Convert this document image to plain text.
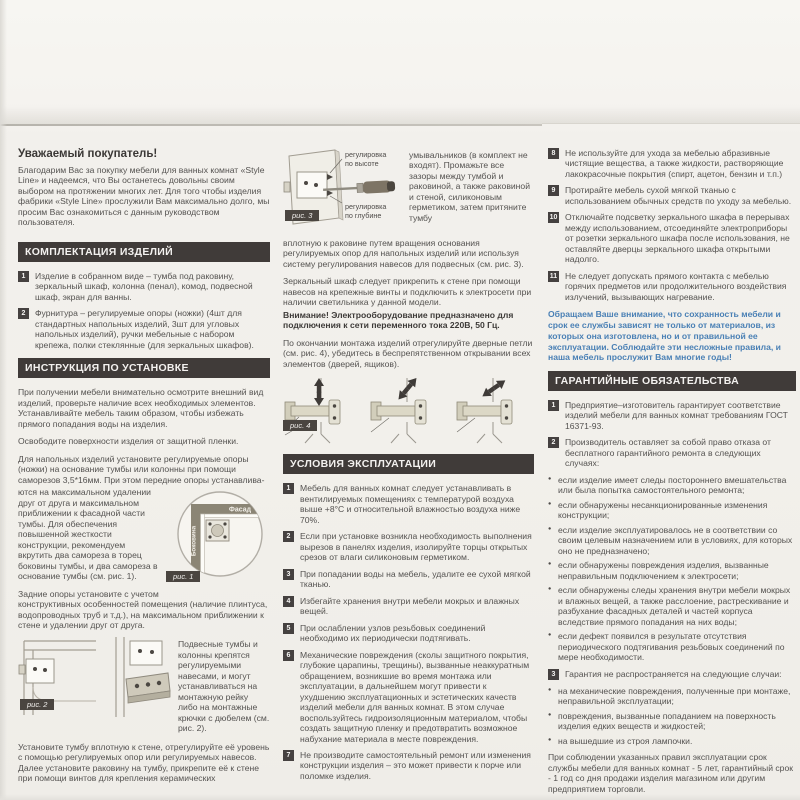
Уважаемый покупатель!

Благодарим Вас за покупку мебели для ванных комнат «Style Line» и надеемся, что Вы останетесь довольны своим выбором на протяжении многих лет. Для того чтобы изделия фабрики «Style Line» прослужили Вам максимально долго, мы просим Вас ознакомиться с данным руководством пользователя.

КОМПЛЕКТАЦИЯ ИЗДЕЛИЙ
1	Изделие в собранном виде – тумба под раковину, зеркальный шкаф, колонна (пенал), комод, подвесной шкаф, экран для ванны.
2	Фурнитура – регулируемые опоры (ножки) (4шт для стандартных напольных изделий, 3шт для угловых напольных изделий), ручки мебельные с набором крепежа, полки стеклянные (для зеркальных шкафов).
ИНСТРУКЦИЯ ПО УСТАНОВКЕ

При получении мебели внимательно осмотрите внешний вид изделий, проверьте наличие всех необходимых элементов. Устанавливайте мебель таким образом, чтобы избежать прямого попадания воды на изделия.

Освободите поверхности изделия от защитной пленки.

Для напольных изделий установите регулируемые опоры (ножки) на основание тумбы или колонны при помощи саморезов 3,5*16мм. При этом передние опоры устанавлива-

Фасад
Боковина
рис. 1
ются на максимальном удалении друг от друга и максимальном приближении к фасадной части тумбы. Для обеспечения повышенной жесткости конструкции, рекомендуем вкрутить два самореза в торец боковины тумбы, и два самореза в основание тумбы (см. рис. 1).

Задние опоры установите с учетом конструктивных особенностей помещения (наличие плинтуса, водопроводных труб и т.д.), на максимальном приближении к стене и удалении друг от друга.

рис. 2

Подвесные тумбы и колонны крепятся регулируемыми навесами, и могут устанавливаться на монтажную рейку либо на монтажные крючки с дюбелем (см. рис. 2).

Установите тумбу вплотную к стене, отрегулируйте её уровень с помощью регулируемых опор или регулируемых навесов. Далее установите раковину на тумбу, прикрепите её к стене при помощи винтов для крепления керамических

регулировка
по высоте
регулировка
по глубине
рис. 3

умывальников (в комплект не входят). Промажьте все зазоры между тумбой и раковиной, а также раковиной и стеной, силиконовым герметиком, затем притяните тумбу

вплотную к раковине путем вращения основания регулируемых опор для напольных изделий или используя систему регулирования навесов для подвесных (см. рис. 3).

Зеркальный шкаф следует прикрепить к стене при помощи навесов на крепежные винты и подключить к электросети при наличии светильника у данной модели.

Внимание! Электрооборудование предназначено для подключения к сети переменного тока 220В, 50 Гц.

По окончании монтажа изделий отрегулируйте дверные петли (см. рис. 4), убедитесь в беспрепятственном открывании всех элементов (дверей, ящиков).

рис. 4
УСЛОВИЯ ЭКСПЛУАТАЦИИ
1	Мебель для ванных комнат следует устанавливать в вентилируемых помещениях с температурой воздуха выше +8°С и относительной влажностью воздуха ниже 70%.
2	Если при установке возникла необходимость выполнения вырезов в панелях изделия, изолируйте торцы открытых срезов от влаги силиконовым герметиком.
3	При попадании воды на мебель, удалите ее сухой мягкой тканью.
4	Избегайте хранения внутри мебели мокрых и влажных вещей.
5	При ослаблении узлов резьбовых соединений необходимо их периодически подтягивать.
6	Механические повреждения (сколы защитного покрытия, глубокие царапины, трещины), вызванные неаккуратным обращением, возникшие во время монтажа или эксплуатации, в дальнейшем могут привести к ухудшению эксплуатационных и эстетических качеств изделий мебели для ванных комнат. В этом случае воспользуйтесь гидроизоляционным материалом, чтобы создать защитную пленку и предотвратить возможное набухание материала в месте повреждения.
7	Не производите самостоятельный ремонт или изменения конструкции изделия – это может привести к порче или поломке изделия.
8	Не используйте для ухода за мебелью абразивные чистящие вещества, а также жидкости, растворяющие лакокрасочные покрытия (спирт, ацетон, бензин и т.п.)
9	Протирайте мебель сухой мягкой тканью с использованием обычных средств по уходу за мебелью.
10 Отключайте подсветку зеркального шкафа в перерывах между использованием, отсоединяйте электроприборы от розетки зеркального шкафа после использования, не оставляйте дверцы зеркального шкафа открытыми надолго.
11 Не следует допускать прямого контакта с мебелью горячих предметов или продолжительного воздействия излучений, вызывающих нагревание.

Обращаем Ваше внимание, что сохранность мебели и срок ее службы зависят не только от материалов, из которых она изготовлена, но и от правильной ее эксплуатации. Соблюдайте эти несложные правила, и наша мебель прослужит Вам многие годы!

ГАРАНТИЙНЫЕ ОБЯЗАТЕЛЬСТВА
1	Предприятие–изготовитель гарантирует соответствие изделий мебели для ванных комнат требованиям ГОСТ 16371-93.
2	Производитель оставляет за собой право отказа от бесплатного гарантийного ремонта в следующих случаях:
● если изделие имеет следы постороннего вмешательства или была попытка самостоятельного ремонта;
● если обнаружены несанкционированные изменения конструкции;
● если изделие эксплуатировалось не в соответствии со своим целевым назначением или в условиях, для которых оно не предназначено;
● если обнаружены повреждения изделия, вызванные неправильным подключением к электросети;
● если обнаружены следы хранения внутри мебели мокрых и влажных вещей, а также расслоение, растрескивание и разбухание фасадных деталей и частей корпуса вследствие прямого попадания на них воды;
● если дефект появился в результате отсутствия периодического подтягивания резьбовых соединений по мере необходимости.
3	Гарантия не распространяется на следующие случаи:
● на механические повреждения, полученные при монтаже, неправильной эксплуатации;
● повреждения, вызванные попаданием на поверхность изделия едких веществ и жидкостей;
● на вышедшие из строя лампочки.

При соблюдении указанных правил эксплуатации срок службы мебели для ванных комнат - 5 лет, гарантийный срок - 1 год со дня продажи изделия магазином или другим предприятием торговли.
